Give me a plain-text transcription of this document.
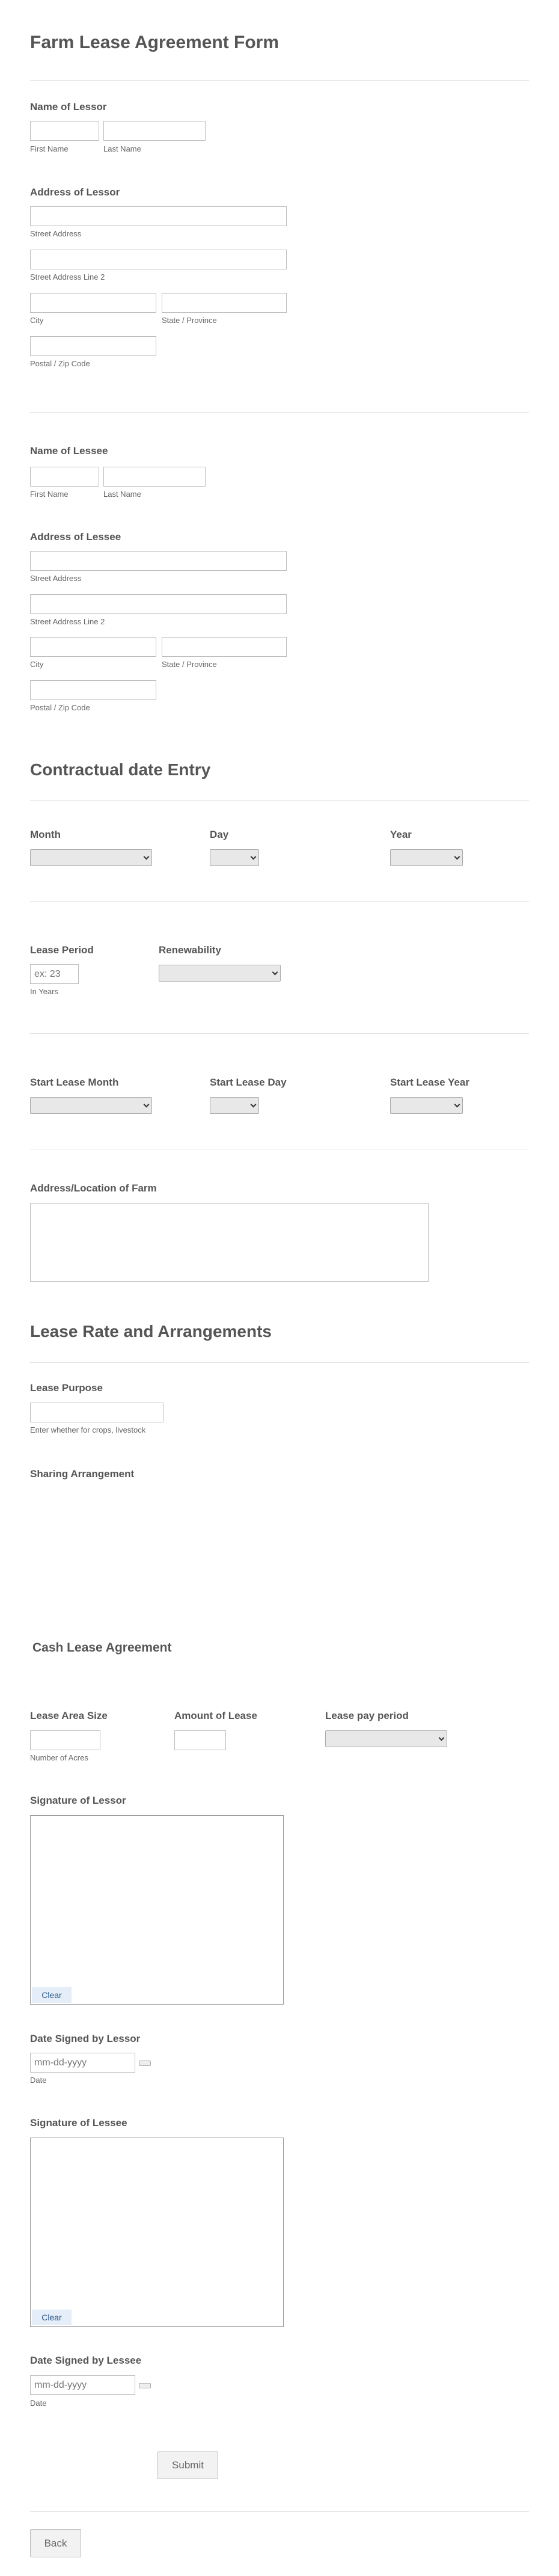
Farm Lease Agreement Form
Name of Lessor
First Name	Last Name
Address of Lessor
Street Address
Street Address Line 2
City	State / Province
Postal / Zip Code
Name of Lessee
First Name	Last Name
Address of Lessee
Street Address
Street Address Line 2
City	State / Province
Postal / Zip Code
Contractual date Entry
Month	Day	Year
Lease Period	Renewability
ex: 23
In Years
Start Lease Month	Start Lease Day	Start Lease Year
Address/Location of Farm
Lease Rate and Arrangements
Lease Purpose
Enter whether for crops, livestock
Sharing Arrangement
Cash Lease Agreement
Lease Area Size	Amount of Lease	Lease pay period
Number of Acres
Signature of Lessor
Clear
Date Signed by Lessor
mm-dd-yyyy
Date
Signature of Lessee
Clear
Date Signed by Lessee
mm-dd-yyyy
Date
Submit
Back
